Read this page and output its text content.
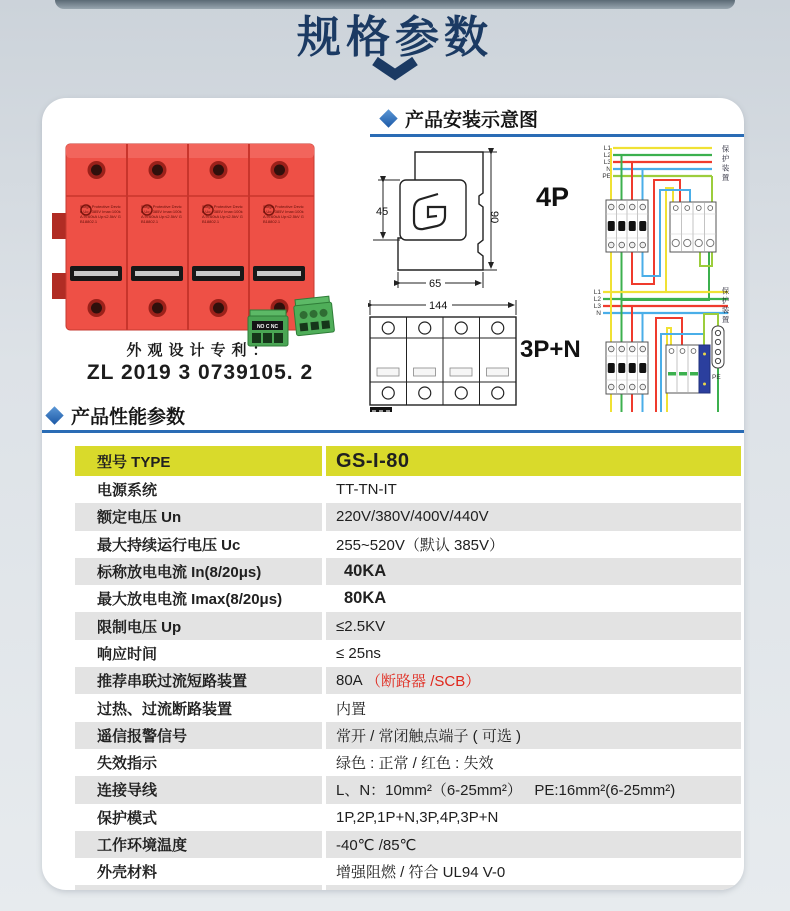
规格参数
NO C NC
Surge Protective Device Uc:~385V Imax:100kA In:60kA Up:≤2.5kV GB18802.1
Surge Protective Device Uc:~385V Imax:100kA In:60kA Up:≤2.5kV GB18802.1
Surge Protective Device Uc:~385V Imax:100kA In:60kA Up:≤2.5kV GB18802.1
Surge Protective Device Uc:~385V Imax:100kA In:60kA Up:≤2.5kV GB18802.1
外观设计专利：
ZL 2019 3 0739105. 2
产品安装示意图
45	90
65
144
L1
L2
L3
N
PE
L1
L2
L3
N
PE
4P
3P+N
保护装置
保护装置
产品性能参数
型号 TYPE	GS-I-80
电源系统	TT-TN-IT
额定电压 Un	220V/380V/400V/440V
最大持续运行电压 Uc	255~520V（默认 385V）
标称放电电流 In(8/20μs)	40KA
最大放电电流 Imax(8/20μs)	80KA
限制电压 Up	≤2.5KV
响应时间	≤ 25ns
推荐串联过流短路装置	80A （断路器 /SCB）
过热、过流断路装置	内置
遥信报警信号	常开 / 常闭触点端子 ( 可选 )
失效指示	绿色 : 正常 / 红色 : 失效
连接导线	L、N：10mm²（6-25mm²）   PE:16mm²(6-25mm²)
保护模式	1P,2P,1P+N,3P,4P,3P+N
工作环境温度	-40℃ /85℃
外壳材料	增强阻燃 / 符合 UL94 V-0
